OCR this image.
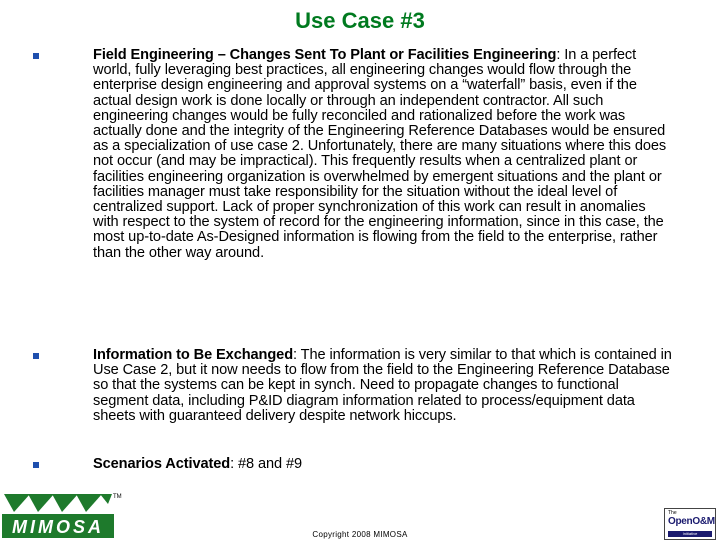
Use Case #3
Field Engineering – Changes Sent To Plant or Facilities Engineering: In a perfect world, fully leveraging best practices, all engineering changes would flow through the enterprise design engineering and approval systems on a “waterfall” basis, even if the actual design work is done locally or through an independent contractor. All such engineering changes would be fully reconciled and rationalized before the work was actually done and the integrity of the Engineering Reference Databases would be ensured as a specialization of use case 2. Unfortunately, there are many situations where this does not occur (and may be impractical). This frequently results when a centralized plant or facilities engineering organization is overwhelmed by emergent situations and the plant or facilities manager must take responsibility for the situation without the ideal level of centralized support. Lack of proper synchronization of this work can result in anomalies with respect to the system of record for the engineering information, since in this case, the most up-to-date As-Designed information is flowing from the field to the enterprise, rather than the other way around.
Information to Be Exchanged: The information is very similar to that which is contained in Use Case 2, but it now needs to flow from the field to the Engineering Reference Database so that the systems can be kept in synch. Need to propagate changes to functional segment data, including P&ID diagram information related to process/equipment data sheets with guaranteed delivery despite network hiccups.
Scenarios Activated: #8 and #9
MIMOSA
TM
Copyright 2008 MIMOSA
The
OpenO&M
Initiative
